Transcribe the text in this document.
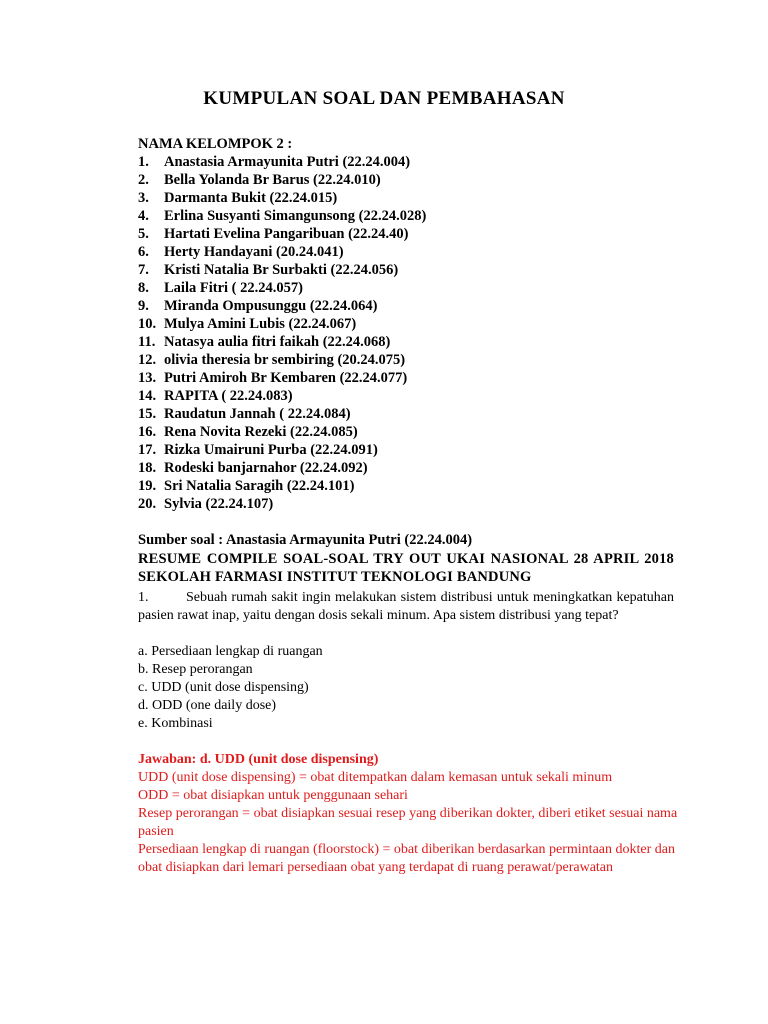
KUMPULAN SOAL DAN PEMBAHASAN
NAMA KELOMPOK 2 :
1. Anastasia Armayunita Putri (22.24.004)
2. Bella Yolanda Br Barus (22.24.010)
3. Darmanta Bukit (22.24.015)
4. Erlina Susyanti Simangunsong (22.24.028)
5. Hartati Evelina Pangaribuan (22.24.40)
6. Herty Handayani (20.24.041)
7. Kristi Natalia Br Surbakti (22.24.056)
8. Laila Fitri ( 22.24.057)
9. Miranda Ompusunggu (22.24.064)
10. Mulya Amini Lubis (22.24.067)
11. Natasya aulia fitri faikah (22.24.068)
12. olivia theresia br sembiring (20.24.075)
13. Putri Amiroh Br Kembaren (22.24.077)
14. RAPITA ( 22.24.083)
15. Raudatun Jannah ( 22.24.084)
16. Rena Novita Rezeki (22.24.085)
17. Rizka Umairuni Purba (22.24.091)
18. Rodeski banjarnahor (22.24.092)
19. Sri Natalia Saragih (22.24.101)
20. Sylvia (22.24.107)
Sumber soal : Anastasia Armayunita Putri (22.24.004)
RESUME COMPILE SOAL-SOAL TRY OUT UKAI NASIONAL 28 APRIL 2018 SEKOLAH FARMASI INSTITUT TEKNOLOGI BANDUNG
1.	Sebuah rumah sakit ingin melakukan sistem distribusi untuk meningkatkan kepatuhan pasien rawat inap, yaitu dengan dosis sekali minum. Apa sistem distribusi yang tepat?
a. Persediaan lengkap di ruangan
b. Resep perorangan
c. UDD (unit dose dispensing)
d. ODD (one daily dose)
e. Kombinasi

Jawaban: d. UDD (unit dose dispensing)

UDD (unit dose dispensing) = obat ditempatkan dalam kemasan untuk sekali minum

ODD = obat disiapkan untuk penggunaan sehari

Resep perorangan = obat disiapkan sesuai resep yang diberikan dokter, diberi etiket sesuai nama pasien

Persediaan lengkap di ruangan (floorstock) = obat diberikan berdasarkan permintaan dokter dan obat disiapkan dari lemari persediaan obat yang terdapat di ruang perawat/perawatan
